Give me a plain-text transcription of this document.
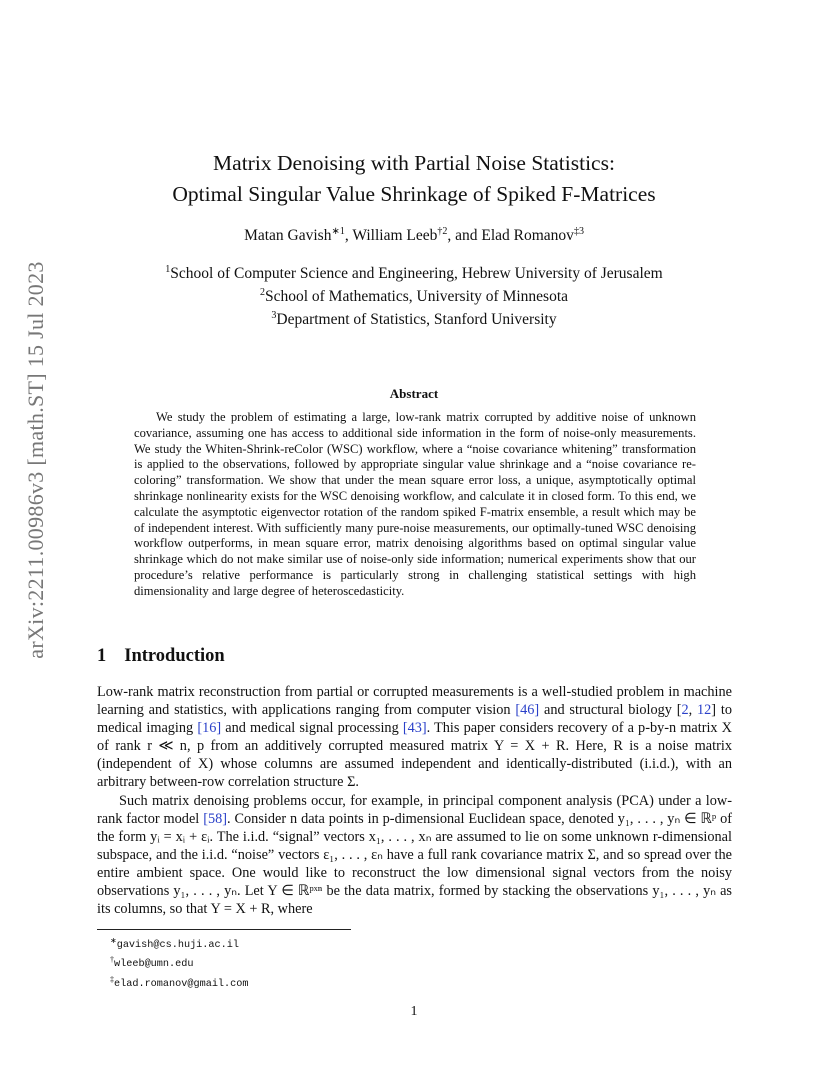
arXiv:2211.00986v3 [math.ST] 15 Jul 2023
Matrix Denoising with Partial Noise Statistics:
Optimal Singular Value Shrinkage of Spiked F-Matrices
Matan Gavish$^{∗1}$, William Leeb$^{\dagger 2}$, and Elad Romanov$^{\ddagger 3}$
$^1$School of Computer Science and Engineering, Hebrew University of Jerusalem
$^2$School of Mathematics, University of Minnesota
$^3$Department of Statistics, Stanford University
Abstract
We study the problem of estimating a large, low-rank matrix corrupted by additive noise of unknown covariance, assuming one has access to additional side information in the form of noise-only measurements. We study the Whiten-Shrink-reColor (WSC) workflow, where a “noise covariance whitening” transformation is applied to the observations, followed by appropriate singular value shrinkage and a “noise covariance re-coloring” transformation. We show that under the mean square error loss, a unique, asymptotically optimal shrinkage nonlinearity exists for the WSC denoising workflow, and calculate it in closed form. To this end, we calculate the asymptotic eigenvector rotation of the random spiked F-matrix ensemble, a result which may be of independent interest. With sufficiently many pure-noise measurements, our optimally-tuned WSC denoising workflow outperforms, in mean square error, matrix denoising algorithms based on optimal singular value shrinkage which do not make similar use of noise-only side information; numerical experiments show that our procedure’s relative performance is particularly strong in challenging statistical settings with high dimensionality and large degree of heteroscedasticity.
1 Introduction

Low-rank matrix reconstruction from partial or corrupted measurements is a well-studied problem in machine learning and statistics, with applications ranging from computer vision [46] and structural biology [2, 12] to medical imaging [16] and medical signal processing [43]. This paper considers recovery of a p-by-n matrix X of rank r ≪ n, p from an additively corrupted measured matrix Y = X + R. Here, R is a noise matrix (independent of X) whose columns are assumed independent and identically-distributed (i.i.d.), with an arbitrary between-row correlation structure Σ.

Such matrix denoising problems occur, for example, in principal component analysis (PCA) under a low-rank factor model [58]. Consider n data points in p-dimensional Euclidean space, denoted y₁, . . . , yₙ ∈ ℝᵖ of the form yᵢ = xᵢ + εᵢ. The i.i.d. “signal” vectors x₁, . . . , xₙ are assumed to lie on some unknown r-dimensional subspace, and the i.i.d. “noise” vectors ε₁, . . . , εₙ have a full rank covariance matrix Σ, and so spread over the entire ambient space. One would like to reconstruct the low dimensional signal vectors from the noisy observations y₁, . . . , yₙ. Let Y ∈ ℝᵖˣⁿ be the data matrix, formed by stacking the observations y₁, . . . , yₙ as its columns, so that Y = X + R, where

∗gavish@cs.huji.ac.il
†wleeb@umn.edu
‡elad.romanov@gmail.com
1
